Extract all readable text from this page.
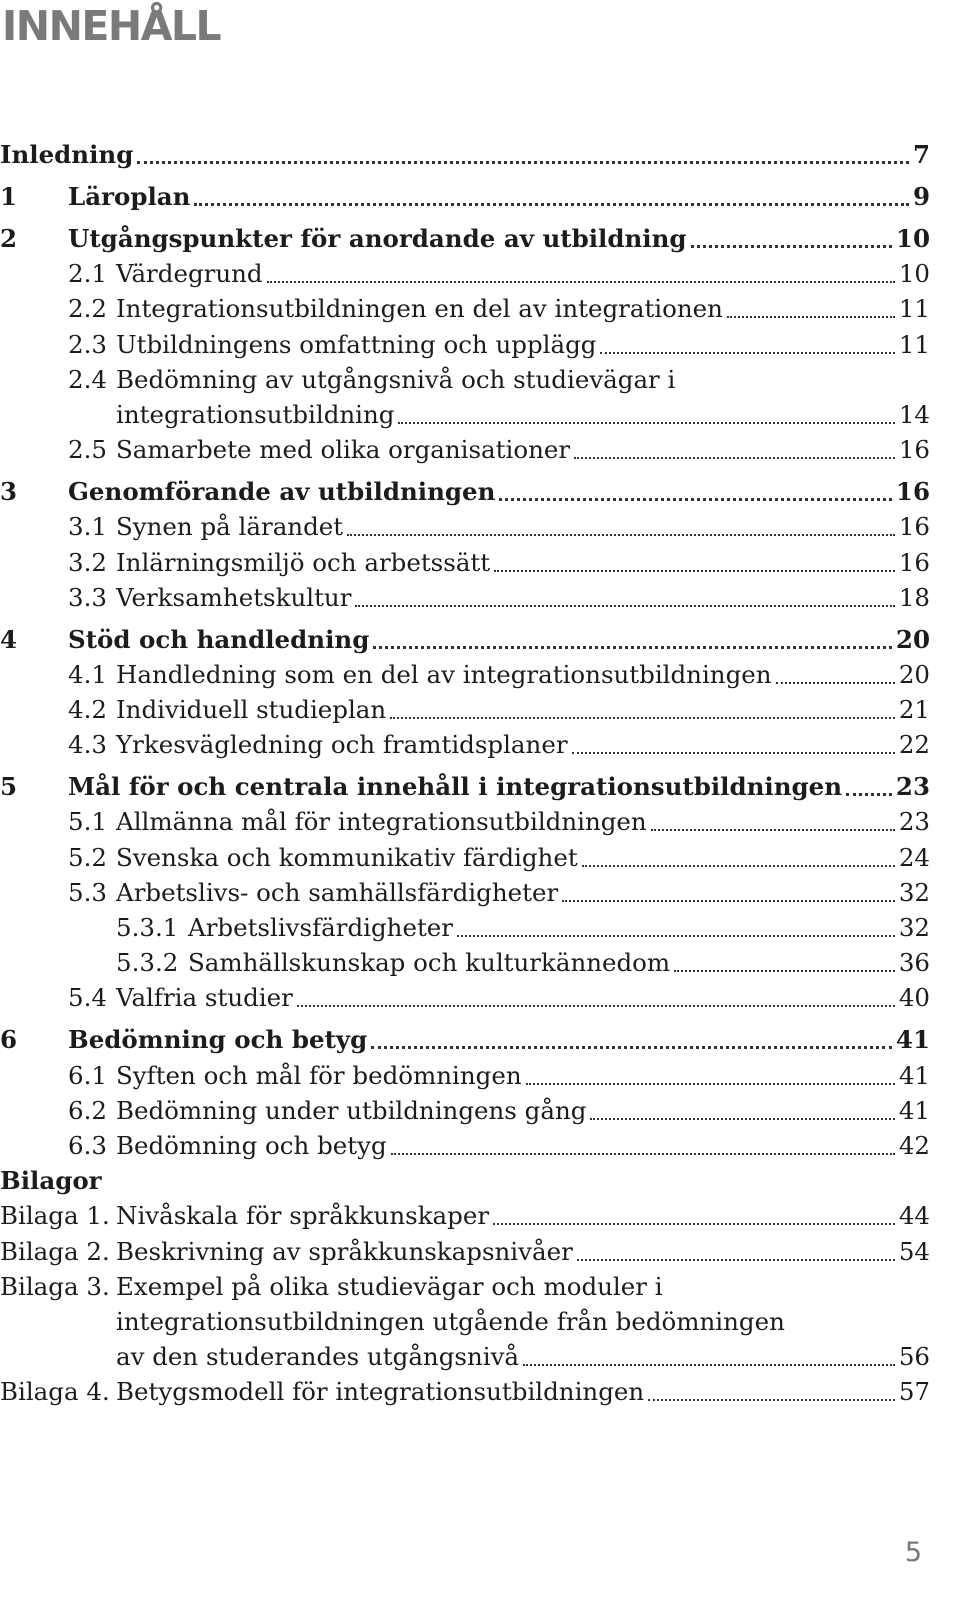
INNEHÅLL
Inledning	7
1 Läroplan	9
2 Utgångspunkter för anordande av utbildning	10
2.1 Värdegrund	10
2.2 Integrationsutbildningen en del av integrationen	11
2.3 Utbildningens omfattning och upplägg	11
2.4 Bedömning av utgångsnivå och studievägar i
integrationsutbildning	14
2.5 Samarbete med olika organisationer	16
3 Genomförande av utbildningen	16
3.1 Synen på lärandet	16
3.2 Inlärningsmiljö och arbetssätt	16
3.3 Verksamhetskultur	18
4 Stöd och handledning	20
4.1 Handledning som en del av integrationsutbildningen	20
4.2 Individuell studieplan	21
4.3 Yrkesvägledning och framtidsplaner	22
5 Mål för och centrala innehåll i integrationsutbildningen 23
5.1 Allmänna mål för integrationsutbildningen	23
5.2 Svenska och kommunikativ färdighet	24
5.3 Arbetslivs- och samhällsfärdigheter	32
5.3.1 Arbetslivsfärdigheter	32
5.3.2 Samhällskunskap och kulturkännedom	36
5.4 Valfria studier	40
6 Bedömning och betyg	41
6.1 Syften och mål för bedömningen	41
6.2 Bedömning under utbildningens gång	41
6.3 Bedömning och betyg	42
Bilagor
Bilaga 1. Nivåskala för språkkunskaper	44
Bilaga 2. Beskrivning av språkkunskapsnivåer	54
Bilaga 3. Exempel på olika studievägar och moduler i
integrationsutbildningen utgående från bedömningen
av den studerandes utgångsnivå	56
Bilaga 4. Betygsmodell för integrationsutbildningen	57
5
